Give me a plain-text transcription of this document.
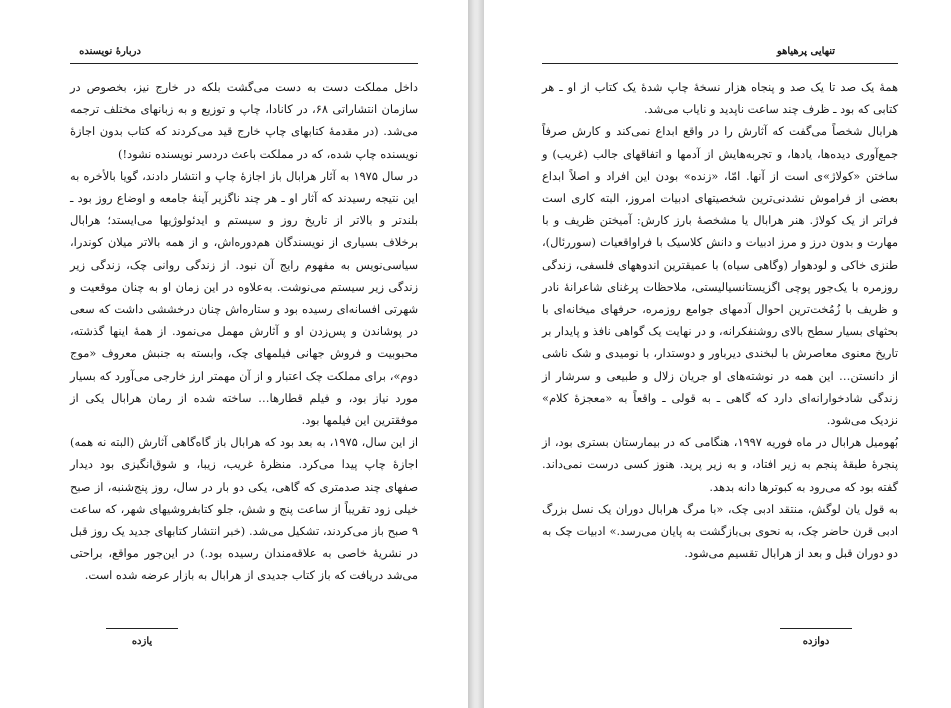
دربارهٔ نویسنده

داخل مملکت دست به دست می‌گشت بلکه در خارج نیز، بخصوص در سازمان انتشاراتی ۶۸، در کانادا، چاپ و توزیع و به زبانهای مختلف ترجمه می‌شد. (در مقدمهٔ کتابهای چاپ خارج قید می‌کردند که کتاب بدون اجازهٔ نویسنده چاپ شده، که در مملکت باعث دردسر نویسنده نشود!)

در سال ۱۹۷۵ به آثار هرابال باز اجازهٔ چاپ و انتشار دادند، گویا بالأخره به این نتیجه رسیدند که آثار او ـ هر چند ناگزیر آینهٔ جامعه و اوضاع روز بود ـ بلندتر و بالاتر از تاریخ روز و سیستم و ایدئولوژیها می‌ایستد؛ هرابال برخلاف بسیاری از نویسندگان هم‌دوره‌اش، و از همه بالاتر میلان کوندرا، سیاسی‌نویس به مفهوم رایج آن نبود. از زندگی روانی چک، زندگی زیر زندگی زیر سیستم می‌نوشت. به‌علاوه در این زمان او به چنان موقعیت و شهرتی افسانه‌ای رسیده بود و ستاره‌اش چنان درخششی داشت که سعی در پوشاندن و پس‌زدن او و آثارش مهمل می‌نمود. از همهٔ اینها گذشته، محبوبیت و فروش جهانی فیلمهای چک، وابسته به جنبش معروف «موج دوم»، برای مملکت چک اعتبار و از آن مهمتر ارز خارجی می‌آورد که بسیار مورد نیاز بود، و فیلم قطارها… ساخته شده از رمان هرابال یکی از موفقترین این فیلمها بود.

از این سال، ۱۹۷۵، به بعد بود که هرابال باز گاه‌گاهی آثارش (البته نه همه) اجازهٔ چاپ پیدا می‌کرد. منظرهٔ غریب، زیبا، و شوق‌انگیزی بود دیدار صفهای چند صدمتری که گاهی، یکی دو بار در سال، روز پنج‌شنبه، از صبح خیلی زود تقریباً از ساعت پنج و شش، جلو کتابفروشیهای شهر، که ساعت ۹ صبح باز می‌کردند، تشکیل می‌شد. (خبر انتشار کتابهای جدید یک روز قبل در نشریهٔ خاصی به علاقه‌مندان رسیده بود.) در این‌جور مواقع، براحتی می‌شد دریافت که باز کتاب جدیدی از هرابال به بازار عرضه شده است.

یازده
تنهایی پرهیاهو

همهٔ یک صد تا یک صد و پنجاه هزار نسخهٔ چاپ شدهٔ یک کتاب از او ـ هر کتابی که بود ـ ظرف چند ساعت ناپدید و نایاب می‌شد.

هرابال شخصاً می‌گفت که آثارش را در واقع ابداع نمی‌کند و کارش صرفاً جمع‌آوری دیده‌ها، یادها، و تجربه‌هایش از آدمها و اتفاقهای جالب (غریب) و ساختن «کولاژ»ی است از آنها. امّا، «زنده» بودن این افراد و اصلاً ابداع بعضی از فراموش نشدنی‌ترین شخصیتهای ادبیات امروز، البته کاری است فراتر از یک کولاژ. هنر هرابال یا مشخصهٔ بارز کارش: آمیختن ظریف و با مهارت و بدون درز و مرز ادبیات و دانش کلاسیک با فراواقعیات (سوررئال)، طنزی خاکی و لودهوار (وگاهی سیاه) با عمیقترین اندوههای فلسفی، زندگی روزمره با یک‌جور پوچی اگزیستانسیالیستی، ملاحظات پرغنای شاعرانهٔ نادر و ظریف با زُمُخت‌ترین احوال آدمهای جوامع روزمره، حرفهای میخانه‌ای با بحثهای بسیار سطح بالای روشنفکرانه، و در نهایت یک گواهی نافذ و پایدار بر تاریخ معنوی معاصرش با لبخندی دیرباور و دوستدار، با نومیدی و شک ناشی از دانستن… این همه در نوشته‌های او جریان زلال و طبیعی و سرشار از زندگی شادخوارانه‌ای دارد که گاهی ـ به قولی ـ واقعاً به «معجزهٔ کلام» نزدیک می‌شود.

بُهومیل هرابال در ماه فوریه ۱۹۹۷، هنگامی که در بیمارستان بستری بود، از پنجرهٔ طبقهٔ پنجم به زیر افتاد، و به زیر پرید. هنوز کسی درست نمی‌داند. گفته بود که می‌رود به کبوترها دانه بدهد.

به قول یان لوگش، منتقد ادبی چک، «با مرگ هرابال دوران یک نسل بزرگ ادبی قرن حاضر چک، به نحوی بی‌بازگشت به پایان می‌رسد.» ادبیات چک به دو دوران قبل و بعد از هرابال تقسیم می‌شود.

دوازده
